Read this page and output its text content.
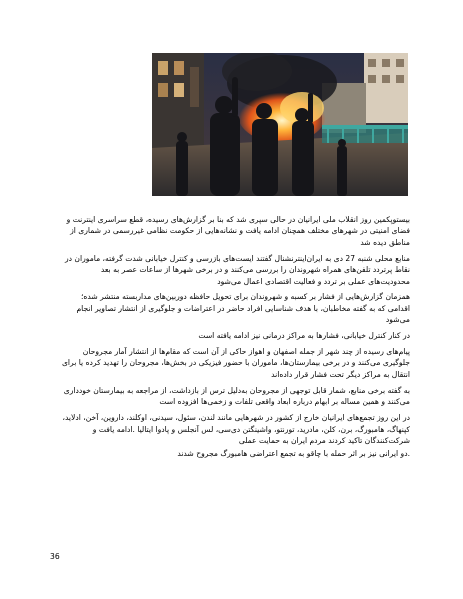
بیستوپکمین روز انقلاب ملی ایرانیان در حالی سپری شد که بنا بر گزارش‌های رسیده، قطع سراسری اینترنت و فضای امنیتی در شهرهای مختلف همچنان ادامه یافت و نشانه‌هایی از حکومت نظامی غیررسمی در شماری از مناطق دیده شد

منابع محلی شنبه 27 دی به ایران‌اینترنشنال گفتند ایست‌های بازرسی و کنترل خیابانی شدت گرفته، ماموران در نقاط پرتردد تلفن‌های همراه شهروندان را بررسی می‌کنند و در برخی شهرها از ساعات عصر به بعد محدودیت‌های عملی بر تردد و فعالیت اقتصادی اعمال می‌شود

همزمان گزارش‌هایی از فشار بر کسبه و شهروندان برای تحویل حافظه دوربین‌های مداربسته منتشر شده؛ اقدامی که به گفته مخاطبان، با هدف شناسایی افراد حاضر در اعتراضات و جلوگیری از انتشار تصاویر انجام می‌شود

در کنار کنترل خیابانی، فشارها به مراکز درمانی نیز ادامه یافته است

پیام‌های رسیده از چند شهر از جمله اصفهان و اهواز حاکی از آن است که مقام‌ها از انتشار آمار مجروحان جلوگیری می‌کنند و در برخی بیمارستان‌ها، ماموران با حضور فیزیکی در بخش‌ها، مجروحان را تهدید کرده یا برای انتقال به مراکز دیگر تحت فشار قرار داده‌اند

به گفته برخی منابع، شمار قابل توجهی از مجروحان به‌دلیل ترس از بازداشت، از مراجعه به بیمارستان خودداری می‌کنند و همین مساله بر ابهام درباره ابعاد واقعی تلفات و زخمی‌ها افزوده است

در این روز تجمع‌های ایرانیان خارج از کشور در شهرهایی مانند لندن، سئول، سیدنی، اوکلند، داروین، آخن، ادلاید، کپنهاگ، هامبورگ، برن، کلن، مادرید، تورنتو، واشینگتن دی‌سی، لس آنجلس و پادوا ایتالیا .ادامه یافت و شرکت‌کنندگان تاکید کردند مردم ایران به حمایت عملی

.دو ایرانی نیز بر اثر حمله با چاقو به تجمع اعتراضی هامبورگ مجروح شدند

36
